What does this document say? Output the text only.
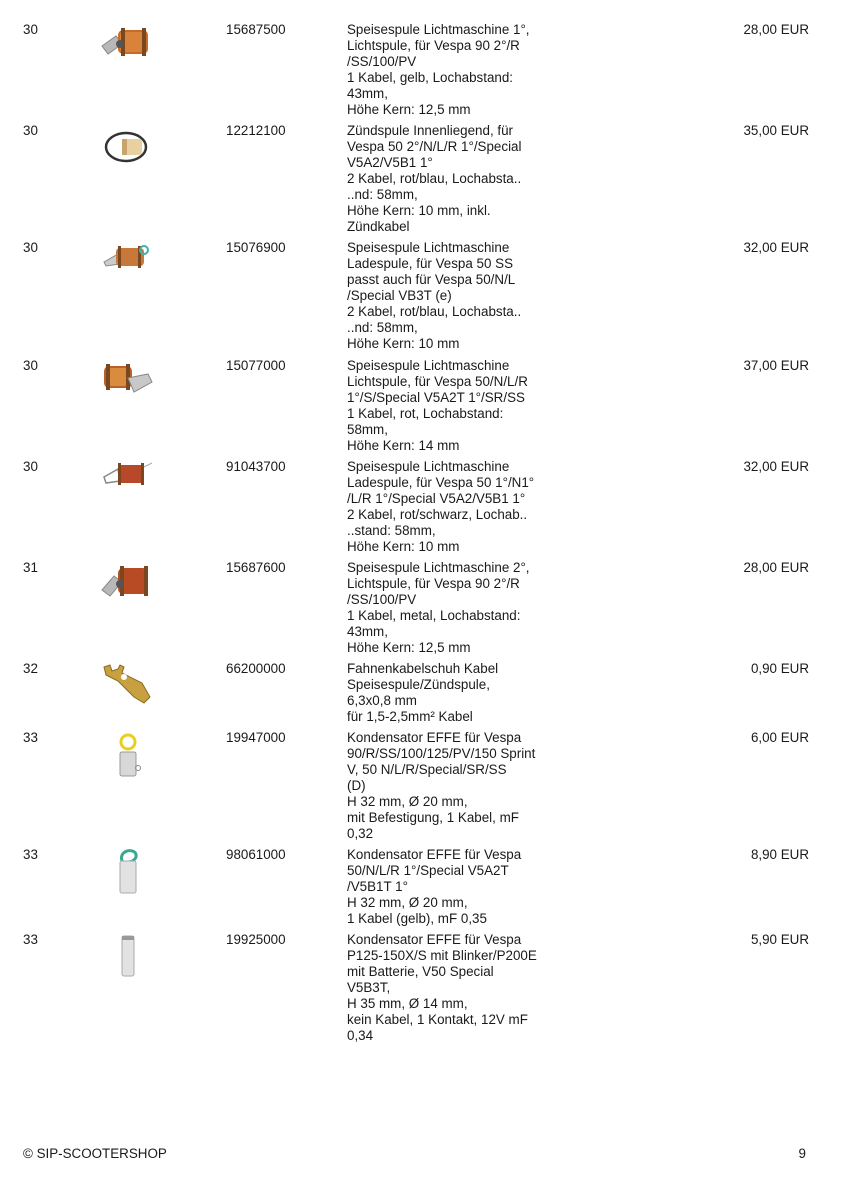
30	15687500	Speisespule Lichtmaschine 1°,
Lichtspule, für Vespa 90 2°/R
/SS/100/PV
1 Kabel, gelb, Lochabstand:
43mm,
Höhe Kern: 12,5 mm
28,00 EUR
30	12212100	Zündspule Innenliegend, für
Vespa 50 2°/N/L/R 1°/Special
V5A2/V5B1 1°
2 Kabel, rot/blau, Lochabsta..
..nd: 58mm,
Höhe Kern: 10 mm, inkl.
Zündkabel
35,00 EUR
30	15076900	Speisespule Lichtmaschine
Ladespule, für Vespa 50 SS
passt auch für Vespa 50/N/L
/Special VB3T (e)
2 Kabel, rot/blau, Lochabsta..
..nd: 58mm,
Höhe Kern: 10 mm
32,00 EUR
30	15077000	Speisespule Lichtmaschine
Lichtspule, für Vespa 50/N/L/R
1°/S/Special V5A2T 1°/SR/SS
1 Kabel, rot, Lochabstand:
58mm,
Höhe Kern: 14 mm
37,00 EUR
30	91043700	Speisespule Lichtmaschine
Ladespule, für Vespa 50 1°/N1°
/L/R 1°/Special V5A2/V5B1 1°
2 Kabel, rot/schwarz, Lochab..
..stand: 58mm,
Höhe Kern: 10 mm
32,00 EUR
31	15687600	Speisespule Lichtmaschine 2°,
Lichtspule, für Vespa 90 2°/R
/SS/100/PV
1 Kabel, metal, Lochabstand:
43mm,
Höhe Kern: 12,5 mm
28,00 EUR
32	66200000	Fahnenkabelschuh Kabel
Speisespule/Zündspule,
6,3x0,8 mm
für 1,5-2,5mm² Kabel
0,90 EUR
33	19947000	Kondensator EFFE für Vespa
90/R/SS/100/125/PV/150 Sprint
V, 50 N/L/R/Special/SR/SS
(D)
H 32 mm, Ø 20 mm,
mit Befestigung, 1 Kabel, mF
0,32
6,00 EUR
33	98061000	Kondensator EFFE für Vespa
50/N/L/R 1°/Special V5A2T
/V5B1T 1°
H 32 mm, Ø 20 mm,
1 Kabel (gelb), mF 0,35
8,90 EUR
33	19925000	Kondensator EFFE für Vespa
P125-150X/S mit Blinker/P200E
mit Batterie, V50 Special
V5B3T,
H 35 mm, Ø 14 mm,
kein Kabel, 1 Kontakt, 12V mF
0,34
5,90 EUR
© SIP-SCOOTERSHOP	9
